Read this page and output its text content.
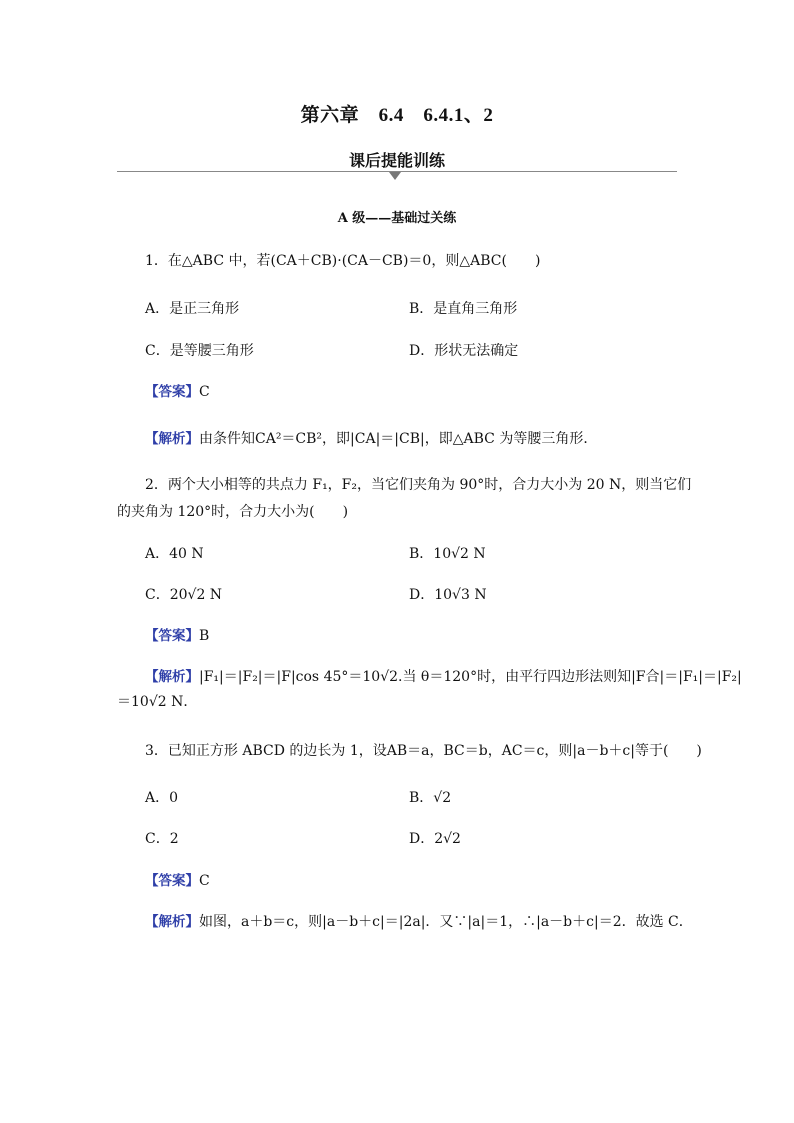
第六章　6.4　6.4.1、2
课后提能训练
A 级——基础过关练
1．在△ABC 中，若(CA＋CB)·(CA－CB)＝0，则△ABC(　　)
A．是正三角形	B．是直角三角形
C．是等腰三角形	D．形状无法确定
【答案】C
【解析】由条件知CA²＝CB²，即|CA|＝|CB|，即△ABC 为等腰三角形．
2．两个大小相等的共点力 F₁，F₂，当它们夹角为 90°时，合力大小为 20 N，则当它们
的夹角为 120°时，合力大小为(　　)
A．40 N	B．10√2 N
C．20√2 N	D．10√3 N
【答案】B
【解析】|F₁|＝|F₂|＝|F|cos 45°＝10√2.当 θ＝120°时，由平行四边形法则知|F合|＝|F₁|＝|F₂|
＝10√2 N．
3．已知正方形 ABCD 的边长为 1，设AB＝a，BC＝b，AC＝c，则|a－b＋c|等于(　　)
A．0	B．√2
C．2	D．2√2
【答案】C
【解析】如图，a＋b＝c，则|a－b＋c|＝|2a|．又∵|a|＝1，∴|a－b＋c|＝2．故选 C．
